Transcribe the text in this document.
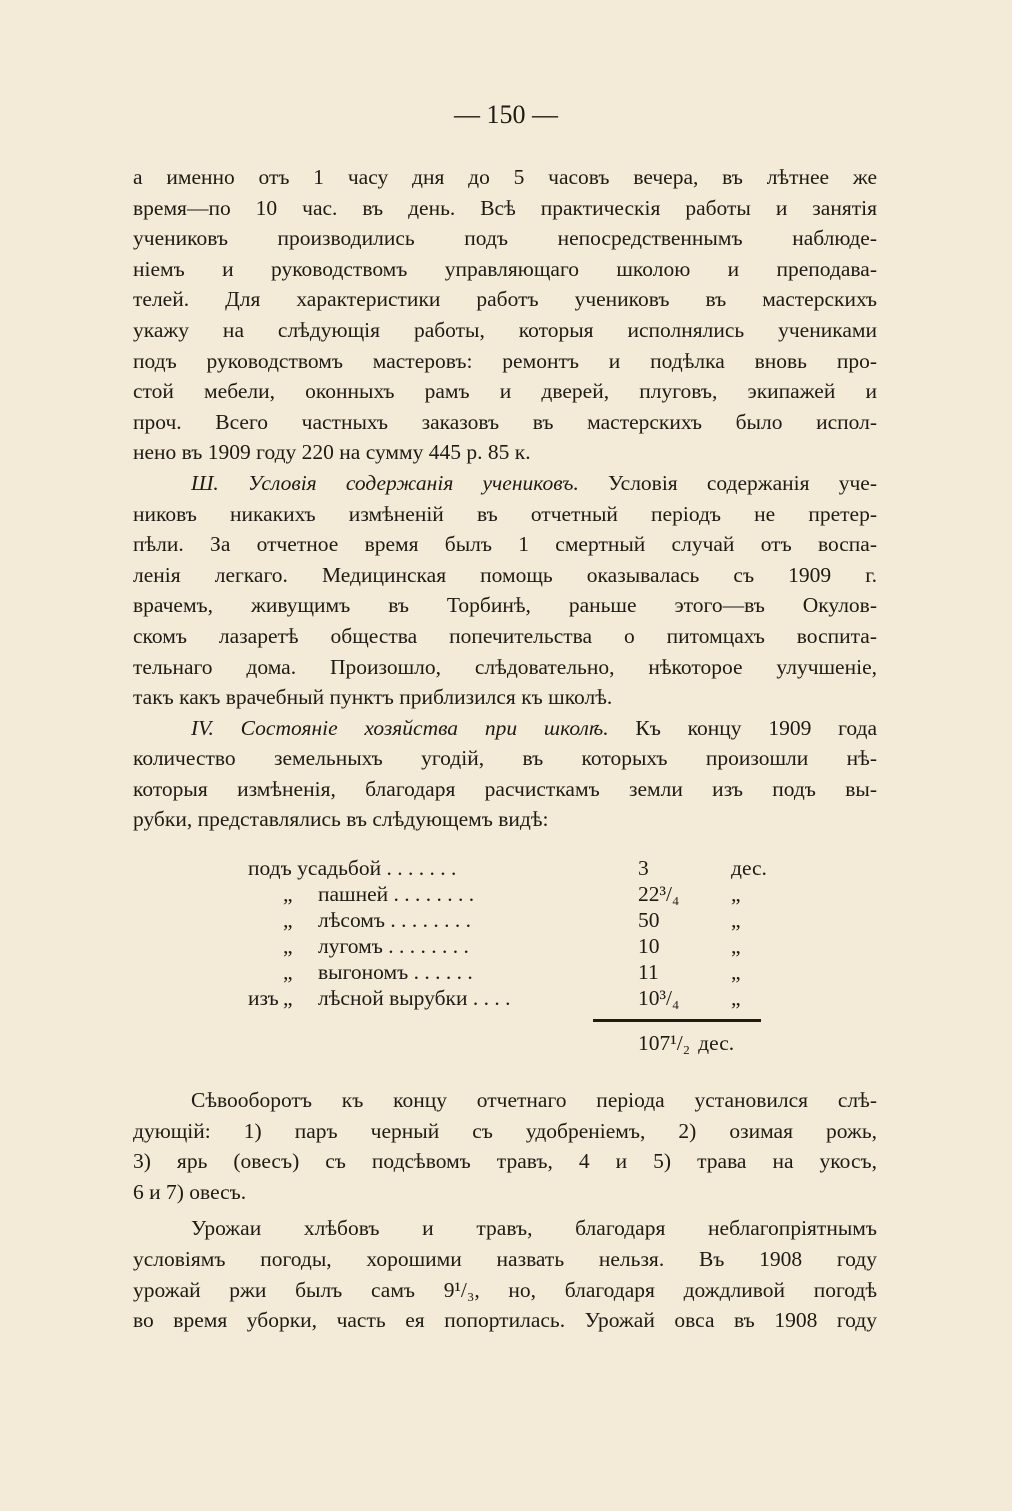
— 150 —
а именно отъ 1 часу дня до 5 часовъ вечера, въ лѣтнее же
время—по 10 час. въ день. Всѣ практическія работы и занятія
учениковъ производились подъ непосредственнымъ наблюде-
ніемъ и руководствомъ управляющаго школою и преподава-
телей. Для характеристики работъ учениковъ въ мастерскихъ
укажу на слѣдующія работы, которыя исполнялись учениками
подъ руководствомъ мастеровъ: ремонтъ и подѣлка вновь про-
стой мебели, оконныхъ рамъ и дверей, плуговъ, экипажей и
проч. Всего частныхъ заказовъ въ мастерскихъ было испол-
нено въ 1909 году 220 на сумму 445 р. 85 к.
Ш. Условія содержанія учениковъ. Условія содержанія уче-
никовъ никакихъ измѣненій въ отчетный періодъ не претер-
пѣли. За отчетное время былъ 1 смертный случай отъ воспа-
ленія легкаго. Медицинская помощь оказывалась съ 1909 г.
врачемъ, живущимъ въ Торбинѣ, раньше этого—въ Окулов-
скомъ лазаретѣ общества попечительства о питомцахъ воспита-
тельнаго дома. Произошло, слѣдовательно, нѣкоторое улучшеніе,
такъ какъ врачебный пунктъ приблизился къ школѣ.
IV. Состояніе хозяйства при школѣ. Къ концу 1909 года
количество земельныхъ угодій, въ которыхъ произошли нѣ-
которыя измѣненія, благодаря расчисткамъ земли изъ подъ вы-
рубки, представлялись въ слѣдующемъ видѣ:
подъ усадьбой . . . . . . .	3	дес.
„ пашней . . . . . . . .	22³/₄ „
„ лѣсомъ . . . . . . . .	50	„
„ лугомъ . . . . . . . .	10	„
„ выгономъ . . . . . .	11	„
изъ „ лѣсной вырубки . . . .	10³/₄ „
107¹/₂ дес.
Сѣвооборотъ къ концу отчетнаго періода установился слѣ-
дующій: 1) паръ черный съ удобреніемъ, 2) озимая рожь,
3) ярь (овесъ) съ подсѣвомъ травъ, 4 и 5) трава на укосъ,
6 и 7) овесъ.
Урожаи хлѣбовъ и травъ, благодаря неблагопріятнымъ
условіямъ погоды, хорошими назвать нельзя. Въ 1908 году
урожай ржи былъ самъ 9¹/₃, но, благодаря дождливой погодѣ
во время уборки, часть ея попортилась. Урожай овса въ 1908 году
